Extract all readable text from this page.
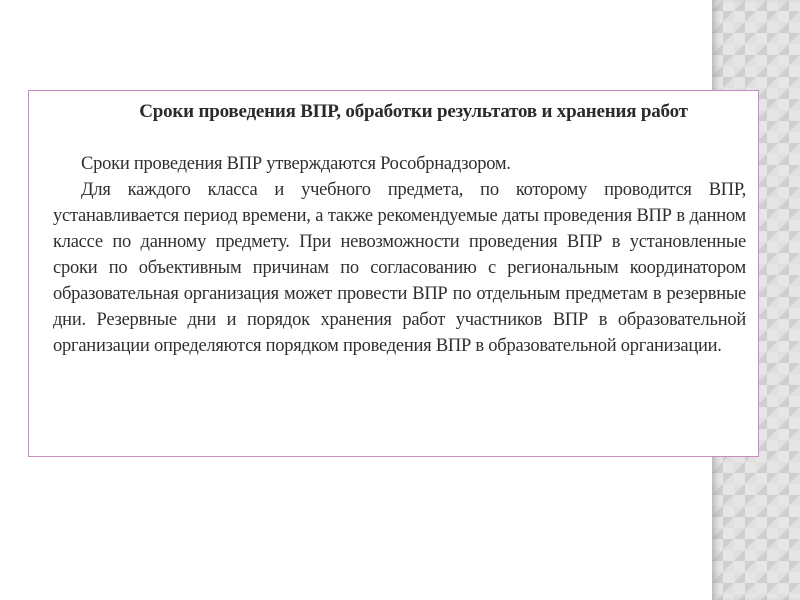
Сроки проведения ВПР, обработки результатов и хранения работ

Сроки проведения ВПР утверждаются Рособрнадзором.

Для каждого класса и учебного предмета, по которому проводится ВПР, устанавливается период времени, а также рекомендуемые даты проведения ВПР в данном классе по данному предмету. При невозможности проведения ВПР в установленные сроки по объективным причинам по согласованию с региональным координатором образовательная организация может провести ВПР по отдельным предметам в резервные дни. Резервные дни и порядок хранения работ участников ВПР в образовательной организации определяются порядком проведения ВПР в образовательной организации.
